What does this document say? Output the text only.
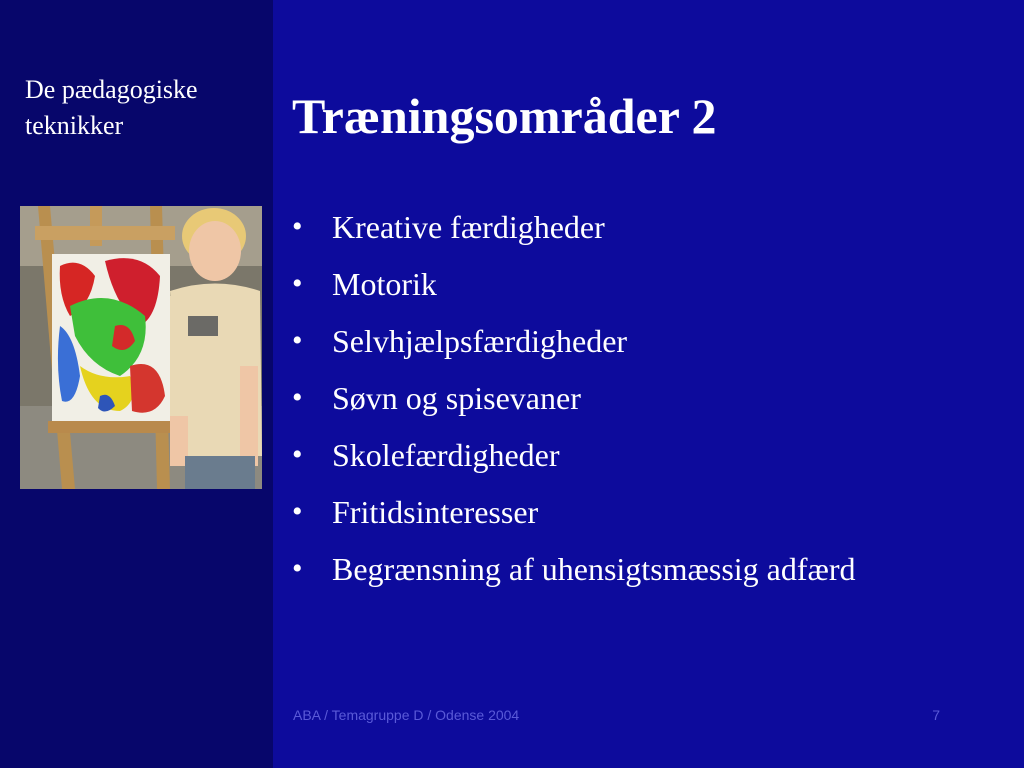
De pædagogiske
teknikker	Træningsområder 2
• Kreative færdigheder
• Motorik
• Selvhjælpsfærdigheder
• Søvn og spisevaner
• Skolefærdigheder
• Fritidsinteresser
• Begrænsning af uhensigtsmæssig adfærd
ABA / Temagruppe D / Odense 2004	7
